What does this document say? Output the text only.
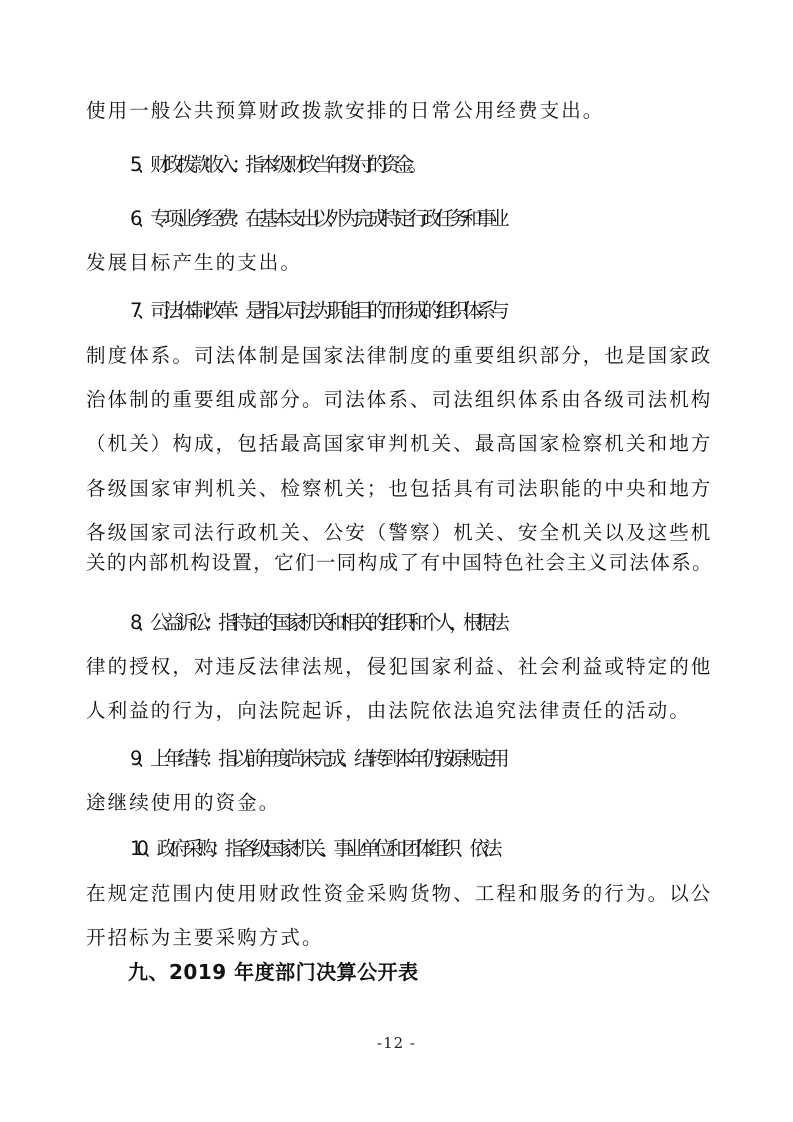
使用一般公共预算财政拨款安排的日常公用经费支出。
5、财政拨款收入：指本级财政当年拨付的资金。
6、专项业务经费：在基本支出以外为完成特定行政任务和事业
发展目标产生的支出。
7、司法体制改革：是指以司法为职能目的而形成的组织体系与
制度体系。司法体制是国家法律制度的重要组织部分，也是国家政
治体制的重要组成部分。司法体系、司法组织体系由各级司法机构
（机关）构成，包括最高国家审判机关、最高国家检察机关和地方
各级国家审判机关、检察机关；也包括具有司法职能的中央和地方
各级国家司法行政机关、公安（警察）机关、安全机关以及这些机
关的内部机构设置，它们一同构成了有中国特色社会主义司法体系。
8、公益诉讼：指特定的国家机关和相关的组织和个人，根据法
律的授权，对违反法律法规，侵犯国家利益、社会利益或特定的他
人利益的行为，向法院起诉，由法院依法追究法律责任的活动。
9、上年结转：指以前年度尚未完成、结转到本年仍按原规定用
途继续使用的资金。
10、政府采购：指各级国家机关、事业单位和团体组织、依法
在规定范围内使用财政性资金采购货物、工程和服务的行为。以公
开招标为主要采购方式。
九、2019 年度部门决算公开表
-12 -
